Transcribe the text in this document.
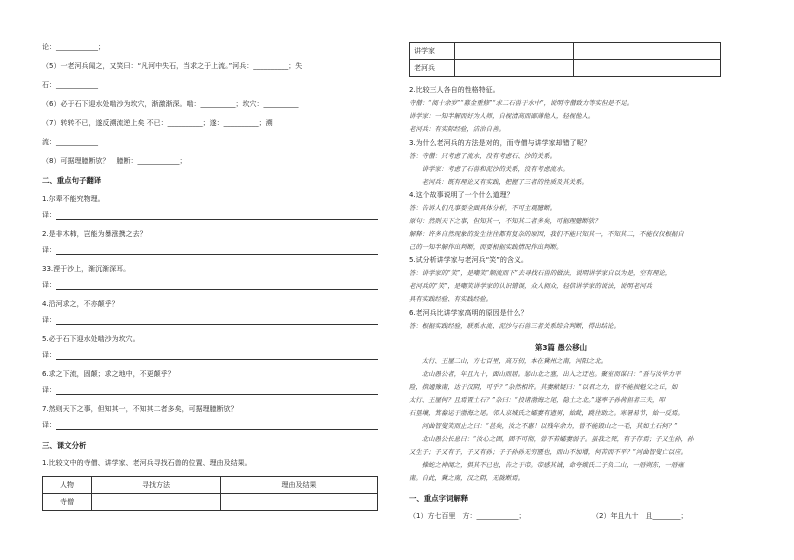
论：____________；
（5）一老河兵闻之，又笑曰：“凡河中失石，当求之于上流。”河兵：__________；失
石：____________
（6）必于石下迎水处啮沙为坎穴，渐激渐深。啮：__________；坎穴：__________
（7）转转不已，遂反溯流逆上矣 不已：__________；遂：__________；溯
流：____________
（8）可据理臆断欤？　臆断：____________；
二、重点句子翻译
1.尔辈不能究物理。
译：
2.是非木柿，岂能为暴涨携之去？
译：
33.湮于沙上，渐沉渐深耳。
译：
4.沿河求之，不亦颠乎？
译：
5.必于石下迎水处啮沙为坎穴。
译：
6.求之下流，固颠；求之地中，不更颠乎？
译：
7.然则天下之事，但知其一，不知其二者多矣，可据理臆断欤？
译：
三、课文分析
1.比较文中的寺僧、讲学家、老河兵寻找石兽的位置、理由及结果。
人物	寻找方法	理由及结果
寺僧		
讲学家		
老河兵		
2.比较三人各自的性格特征。
寺僧：“阅十余岁”“募金重修”“求二石兽于水中”，说明寺僧致力等实但是不足。
讲学家：一知半解而好为人师，自视清高而鄙薄他人，轻视他人。
老河兵：有实际经验，洁治自善。
3.为什么老河兵的方法是对的，而寺僧与讲学家却错了呢？
答：寺僧：只考虑了流水，没有考虑石、沙的关系。
　　讲学家：考虑了石兽和泥沙的关系，没有考虑流水。
　　老河兵：既有理论又有实践，把握了三者的性质及其关系。
4.这个故事说明了一个什么道理？
答：告诉人们凡事要全面具体分析，不可主观臆断。
原句：然则天下之事，但知其一，不知其二者多矣，可据理臆断欤？
解释：许多自然现象的发生往往都有复杂的原因，我们不能只知其一，不知其二，不能仅仅根据自
己的一知半解作出判断，而要根据实践情况作出判断。
5.试分析讲学家与老河兵“笑”的含义。
答：讲学家的“笑”，是嘲笑“顺流而下”去寻找石兽的做法，说明讲学家自以为是，空有理论，
老河兵的“笑”，是嘲笑讲学家的认识错误，众人拥众，轻信讲学家的说法，说明老河兵
具有实践经验、有实践经验。
6.老河兵比讲学家高明的原因是什么？
答：根据实践经验，联系水流、泥沙与石兽三者关系综合判断，得出结论。
第3篇 愚公移山
　　太行、王屋二山，方七百里，高万仞，本在冀州之南，河阳之北。
　　北山愚公者，年且九十，面山而居。惩山北之塞，出入之迂也。聚室而谋曰：“吾与汝毕力平
险，指通豫南，达于汉阴，可乎？”杂然相许。其妻献疑曰：“以君之力，曾不能损魁父之丘，如
太行、王屋何？且焉置土石？”杂曰：“投诸渤海之尾，隐土之北。”遂率子孙荷担者三夫，叩
石垦壤，箕畚运于渤海之尾。邻人京城氏之孀妻有遗男，始龀，跳往助之。寒暑易节，始一反焉。
　　河曲智叟笑而止之曰：“甚矣，汝之不惠！以残年余力，曾不能毁山之一毛，其如土石何？”
　　北山愚公长息曰：“汝心之固，固不可彻，曾不若孀妻弱子。虽我之死，有子存焉；子又生孙，孙
又生子；子又有子，子又有孙；子子孙孙无穷匮也，而山不加增，何苦而不平？”河曲智叟亡以应。
　　操蛇之神闻之，惧其不已也，告之于帝。帝感其诚，命夸娥氏二子负二山，一厝朔东，一厝雍
南。自此，冀之南，汉之阴，无陇断焉。
一、重点字词解释
（1）方七百里　方：____________；	（2）年且九十　且________；
